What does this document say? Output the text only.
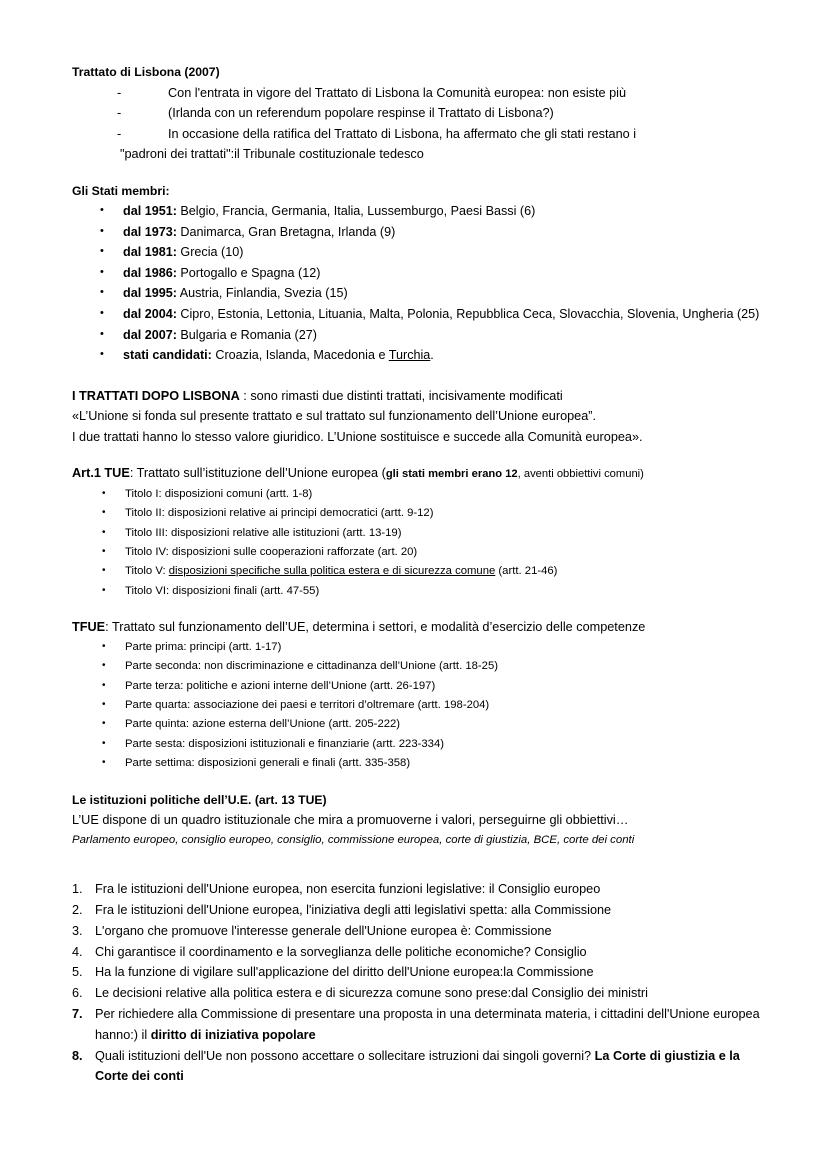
Trattato di Lisbona (2007)
-	Con l'entrata in vigore del Trattato di Lisbona la Comunità europea: non esiste più
-	(Irlanda con un referendum popolare respinse il Trattato di Lisbona?)
-	In occasione della ratifica del Trattato di Lisbona, ha affermato che gli stati restano i
"padroni dei trattati":il Tribunale costituzionale tedesco
Gli Stati membri:
• dal 1951: Belgio, Francia, Germania, Italia, Lussemburgo, Paesi Bassi (6)
• dal 1973: Danimarca, Gran Bretagna, Irlanda (9)
• dal 1981: Grecia (10)
• dal 1986: Portogallo e Spagna (12)
• dal 1995: Austria, Finlandia, Svezia (15)
• dal 2004: Cipro, Estonia, Lettonia, Lituania, Malta, Polonia, Repubblica Ceca, Slovacchia, Slovenia, Ungheria (25)
• dal 2007: Bulgaria e Romania (27)
• stati candidati: Croazia, Islanda, Macedonia e Turchia.
I TRATTATI DOPO LISBONA : sono rimasti due distinti trattati, incisivamente modificati
«L’Unione si fonda sul presente trattato e sul trattato sul funzionamento dell’Unione europea”.
I due trattati hanno lo stesso valore giuridico. L’Unione sostituisce e succede alla Comunità europea».
Art.1 TUE: Trattato sull’istituzione dell’Unione europea (gli stati membri erano 12, aventi obbiettivi comuni)
• Titolo I: disposizioni comuni (artt. 1-8)
• Titolo II: disposizioni relative ai principi democratici (artt. 9-12)
• Titolo III: disposizioni relative alle istituzioni (artt. 13-19)
• Titolo IV: disposizioni sulle cooperazioni rafforzate (art. 20)
• Titolo V: disposizioni specifiche sulla politica estera e di sicurezza comune (artt. 21-46)
• Titolo VI: disposizioni finali (artt. 47-55)
TFUE: Trattato sul funzionamento dell’UE, determina i settori, e modalità d’esercizio delle competenze
• Parte prima: principi (artt. 1-17)
• Parte seconda: non discriminazione e cittadinanza dell’Unione (artt. 18-25)
• Parte terza: politiche e azioni interne dell’Unione (artt. 26-197)
• Parte quarta: associazione dei paesi e territori d’oltremare (artt. 198-204)
• Parte quinta: azione esterna dell’Unione (artt. 205-222)
• Parte sesta: disposizioni istituzionali e finanziarie (artt. 223-334)
• Parte settima: disposizioni generali e finali (artt. 335-358)
Le istituzioni politiche dell’U.E. (art. 13 TUE)
L’UE dispone di un quadro istituzionale che mira a promuoverne i valori, perseguirne gli obbiettivi…
Parlamento europeo, consiglio europeo, consiglio, commissione europea, corte di giustizia, BCE, corte dei conti
1. Fra le istituzioni dell'Unione europea, non esercita funzioni legislative: il Consiglio europeo
2. Fra le istituzioni dell'Unione europea, l'iniziativa degli atti legislativi spetta: alla Commissione
3. L'organo che promuove l'interesse generale dell'Unione europea è: Commissione
4. Chi garantisce il coordinamento e la sorveglianza delle politiche economiche? Consiglio
5. Ha la funzione di vigilare sull'applicazione del diritto dell'Unione europea:la Commissione
6. Le decisioni relative alla politica estera e di sicurezza comune sono prese:dal Consiglio dei ministri
7. Per richiedere alla Commissione di presentare una proposta in una determinata materia, i cittadini dell'Unione europea hanno:) il diritto di iniziativa popolare
8. Quali istituzioni dell'Ue non possono accettare o sollecitare istruzioni dai singoli governi? La Corte di giustizia e la Corte dei conti
